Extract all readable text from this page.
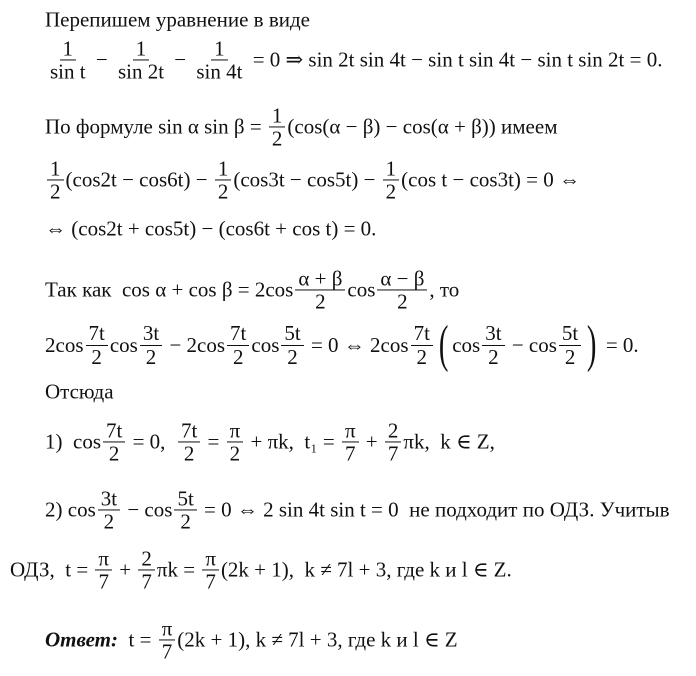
Перепишем уравнение в виде
$\frac{1}{\text{sin t}} - \frac{1}{\sin 2t} - \frac{1}{\sin 4t} = 0$ ⇒ sin 2t sin 4t − sin t sin 4t − sin t sin 2t = 0.
По формуле sin α $\sin \beta = \frac{1}{2} (\cos(\alpha - \beta) - \cos(\alpha + \beta))$ имеем
$\frac{1}{2} (\cos 2t - \cos 6t) - \frac{1}{2} (\cos 3t - \cos 5t) - \frac{1}{2} (\cos$ t − cos3t) = 0 ⇔
⇔ (cos2t + cos5t) − (cos6t + cos t) = 0.
Так как  $\cos \alpha + \cos \beta = 2\cos \frac{\alpha + \beta}{2}$ $\cos \frac{\alpha - \beta}{2}$ , то
$2\cos \frac{7t}{2}$ $\cos \frac{3t}{2} - 2\cos \frac{7t}{2}$ $\cos \frac{5t}{2} = 0$ ⇔ $2\cos \frac{7t}{2}$ ( $\cos \frac{3t}{2} - \cos \frac{5t}{2}$ ) = 0.
Отсюда
1)  $\cos \frac{7t}{2} = 0$, $\frac{7t}{2} = \frac{\pi}{2} + \pi k$,  $t_1 = \frac{\pi}{7} + \frac{2}{7} \pi k$,  k ∈ Z,
2) $\cos \frac{3t}{2} - \cos \frac{5t}{2} = 0$ ⇔ 2 sin 4t sin t = 0  не подходит по ОДЗ. Учитыв
ОДЗ,  $t = \frac{\pi}{7} + \frac{2}{7}$ $\pi k = \frac{\pi}{7} (2k + 1)$,  k ≠ 7l + 3, где k и l ∈ Z.
Ответ: $t = \frac{\pi}{7} (2k + 1)$, k ≠ 7l + 3, где k и l ∈ Z
